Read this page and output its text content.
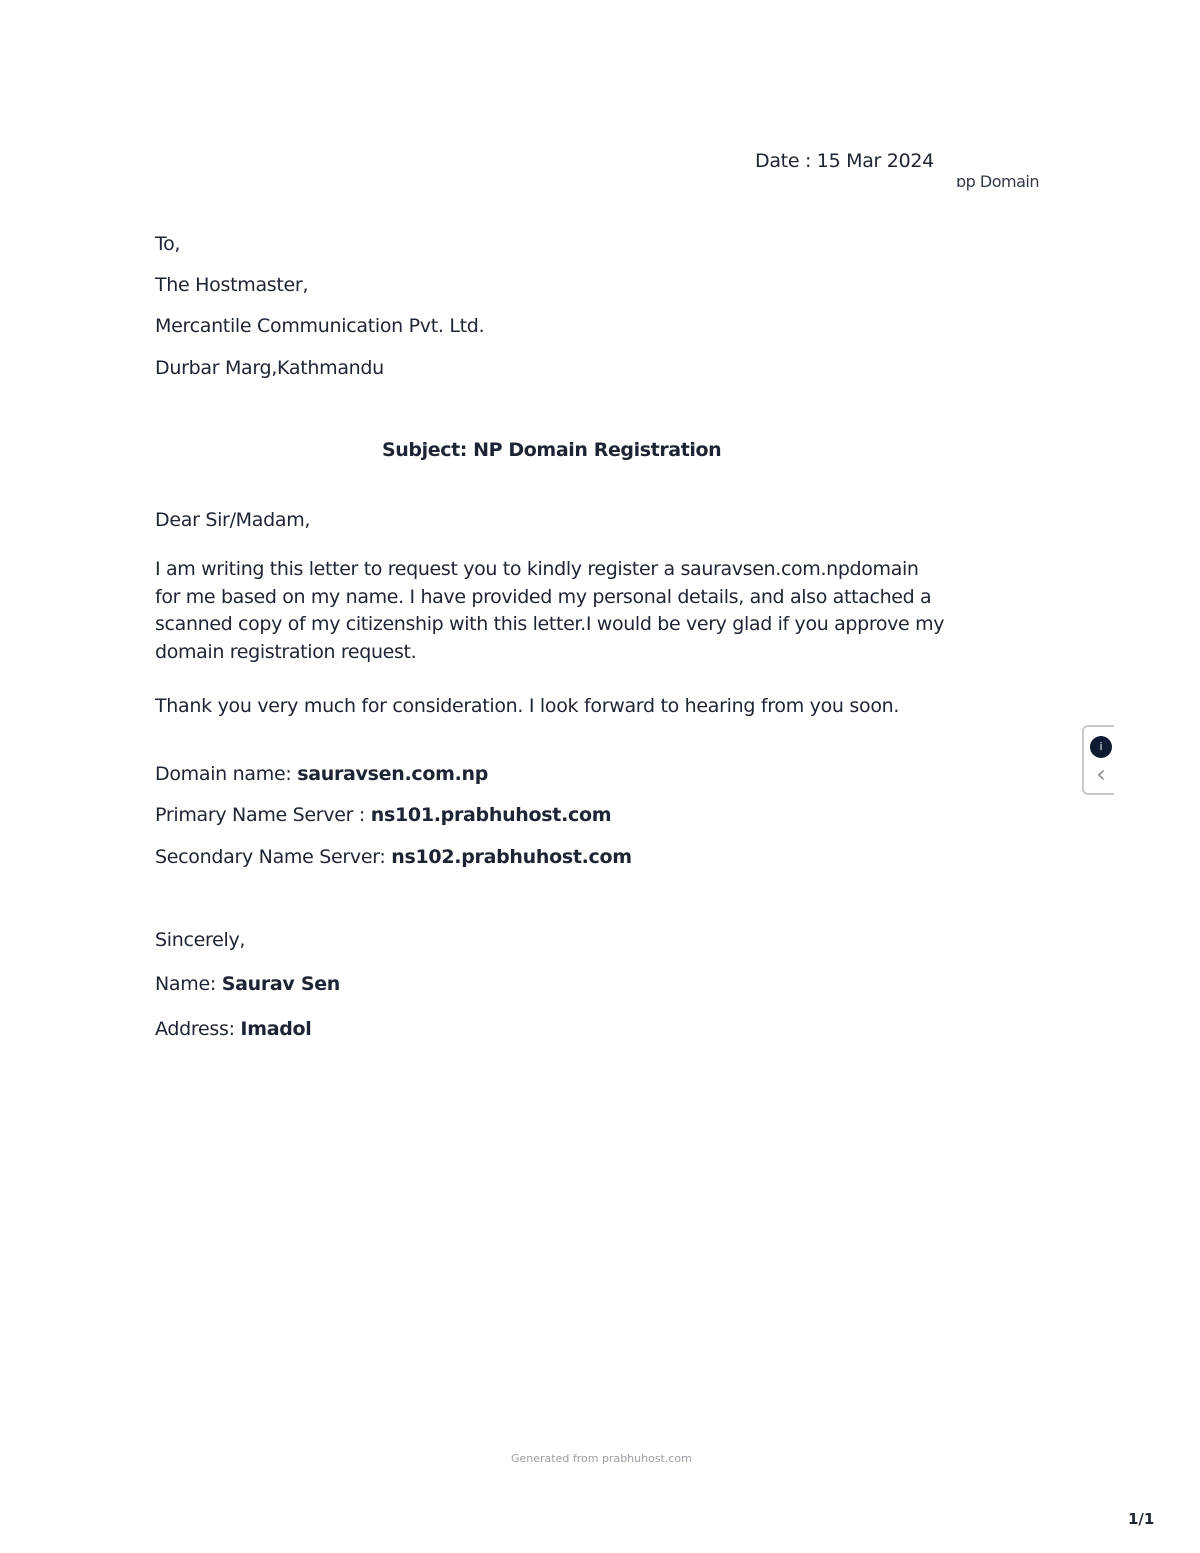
Date : 15 Mar 2024
ɒp Domain
To,
The Hostmaster,
Mercantile Communication Pvt. Ltd.
Durbar Marg,Kathmandu
Subject: NP Domain Registration
Dear Sir/Madam,
I am writing this letter to request you to kindly register a sauravsen.com.npdomain for me based on my name. I have provided my personal details, and also attached a scanned copy of my citizenship with this letter.I would be very glad if you approve my domain registration request.
Thank you very much for consideration. I look forward to hearing from you soon.
Domain name: sauravsen.com.np
Primary Name Server : ns101.prabhuhost.com
Secondary Name Server: ns102.prabhuhost.com
Sincerely,
Name: Saurav Sen
Address: Imadol
Generated from prabhuhost.com
1/1
i
‹
